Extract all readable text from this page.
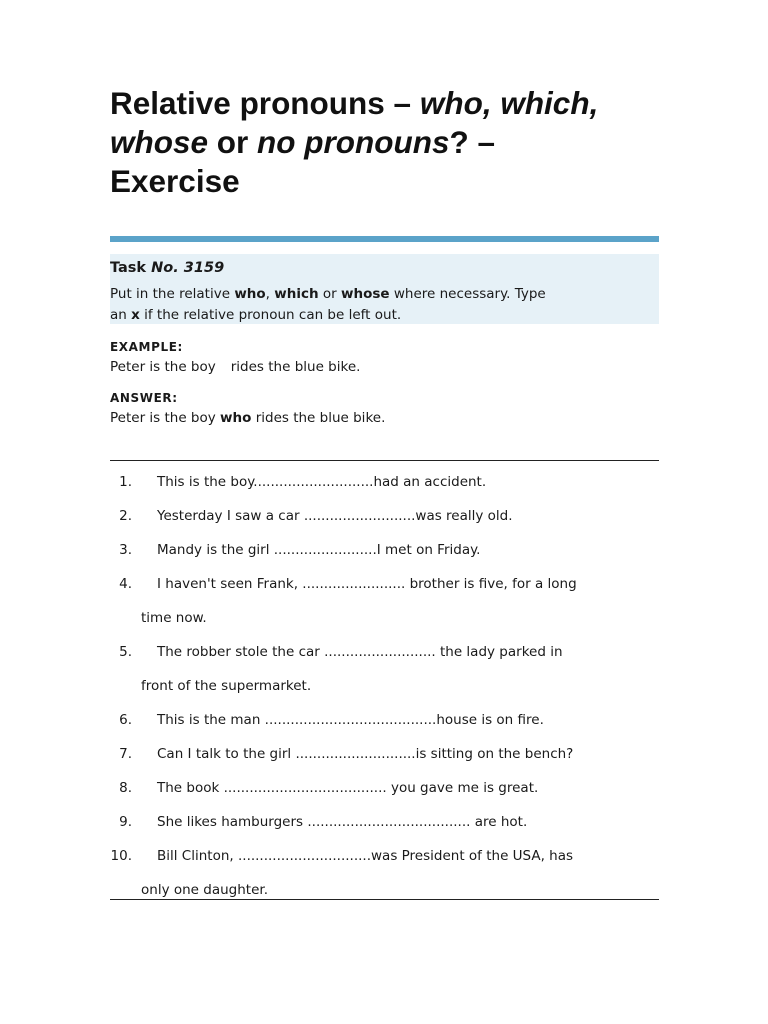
Relative pronouns – who, which,
whose or no pronouns? –
Exercise
Task No. 3159
Put in the relative who, which or whose where necessary. Type
an x if the relative pronoun can be left out.
EXAMPLE:
Peter is the boy rides the blue bike.
ANSWER:
Peter is the boy who rides the blue bike.
1. This is the boy............................had an accident.
2. Yesterday I saw a car ..........................was really old.
3. Mandy is the girl ........................I met on Friday.
4. I haven't seen Frank, ........................ brother is five, for a long
time now.
5. The robber stole the car .......................... the lady parked in
front of the supermarket.
6. This is the man ........................................house is on fire.
7. Can I talk to the girl ............................is sitting on the bench?
8. The book ...................................... you gave me is great.
9. She likes hamburgers ...................................... are hot.
10. Bill Clinton, ...............................was President of the USA, has
only one daughter.
